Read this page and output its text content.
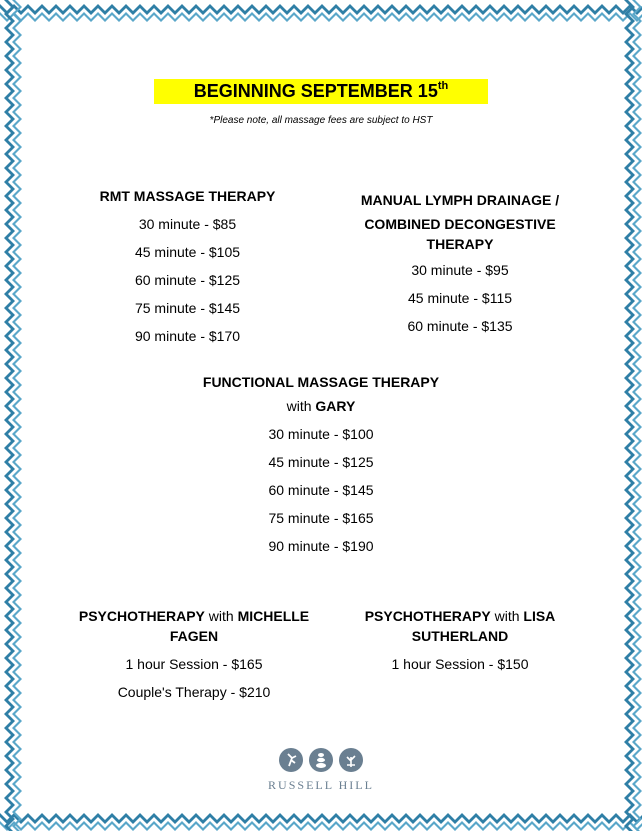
BEGINNING SEPTEMBER 15th
*Please note, all massage fees are subject to HST
RMT MASSAGE THERAPY
30 minute - $85
45 minute - $105
60 minute - $125
75 minute - $145
90 minute - $170
MANUAL LYMPH DRAINAGE /
COMBINED DECONGESTIVE THERAPY
30 minute - $95
45 minute - $115
60 minute - $135
FUNCTIONAL MASSAGE THERAPY
with GARY
30 minute - $100
45 minute - $125
60 minute - $145
75 minute - $165
90 minute - $190
PSYCHOTHERAPY with MICHELLE FAGEN
1 hour Session - $165
Couple's Therapy - $210
PSYCHOTHERAPY with LISA SUTHERLAND
1 hour Session - $150
RUSSELL HILL
